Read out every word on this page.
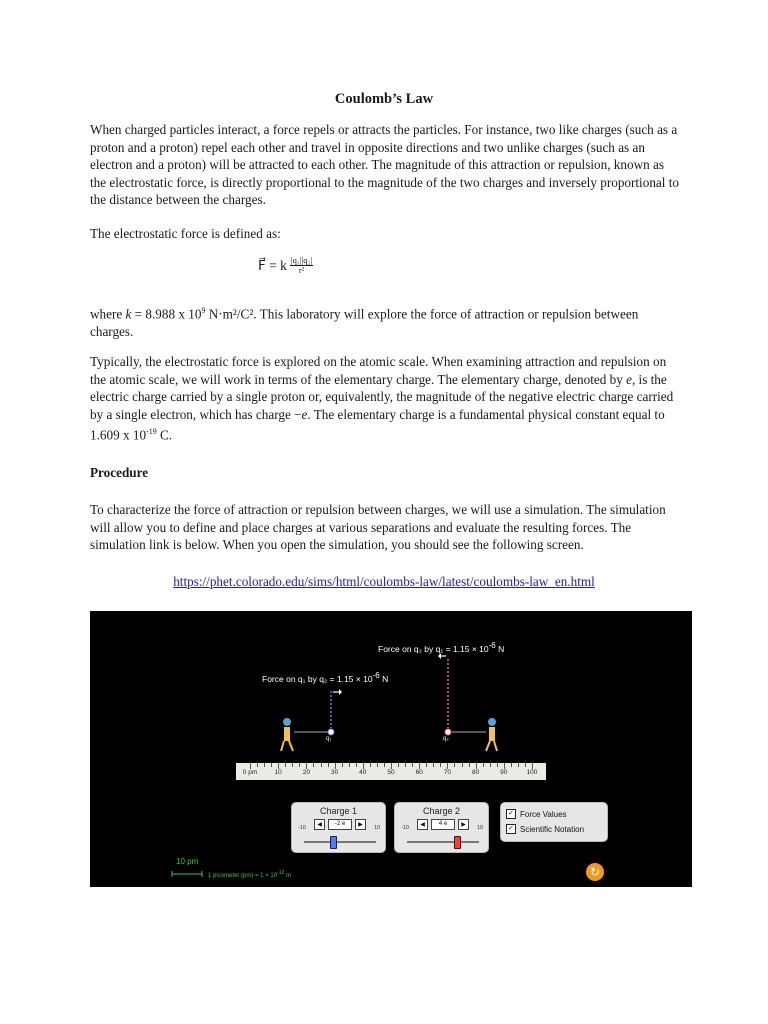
Coulomb’s Law

When charged particles interact, a force repels or attracts the particles. For instance, two like charges (such as a proton and a proton) repel each other and travel in opposite directions and two unlike charges (such as an electron and a proton) will be attracted to each other. The magnitude of this attraction or repulsion, known as the electrostatic force, is directly proportional to the magnitude of the two charges and inversely proportional to the distance between the charges.

The electrostatic force is defined as:

F⃗ = k $\frac{\text{|q₁||q₂|}}{\text{r²}}$

where k = 8.988 x $10^9$ N·m²/C². This laboratory will explore the force of attraction or repulsion between charges.

Typically, the electrostatic force is explored on the atomic scale. When examining attraction and repulsion on the atomic scale, we will work in terms of the elementary charge. The elementary charge, denoted by e, is the electric charge carried by a single proton or, equivalently, the magnitude of the negative electric charge carried by a single electron, which has charge −e. The elementary charge is a fundamental physical constant equal to 1.609 x $10^{-19}$ C.

Procedure

To characterize the force of attraction or repulsion between charges, we will use a simulation. The simulation will allow you to define and place charges at various separations and evaluate the resulting forces. The simulation link is below. When you open the simulation, you should see the following screen.

https://phet.colorado.edu/sims/html/coulombs-law/latest/coulombs-law_en.html
Force on q₂ by $q_1 = 1.15 \times 10^{-6}$ N
Force on q₁ by $q_2 = 1.15 \times 10^{-6}$ N
q₁	q₂
0 pm	10	20	30	40	50	60	70	80	90	100
Charge 1
◀	-2 e	▶
-10	10
Charge 2
◀	4 e	▶
-10	10
✓ Force Values
✓ Scientific Notation
10 pm
1 picometer $(pm) = 1 \times 10^{-12}$ m	↻
